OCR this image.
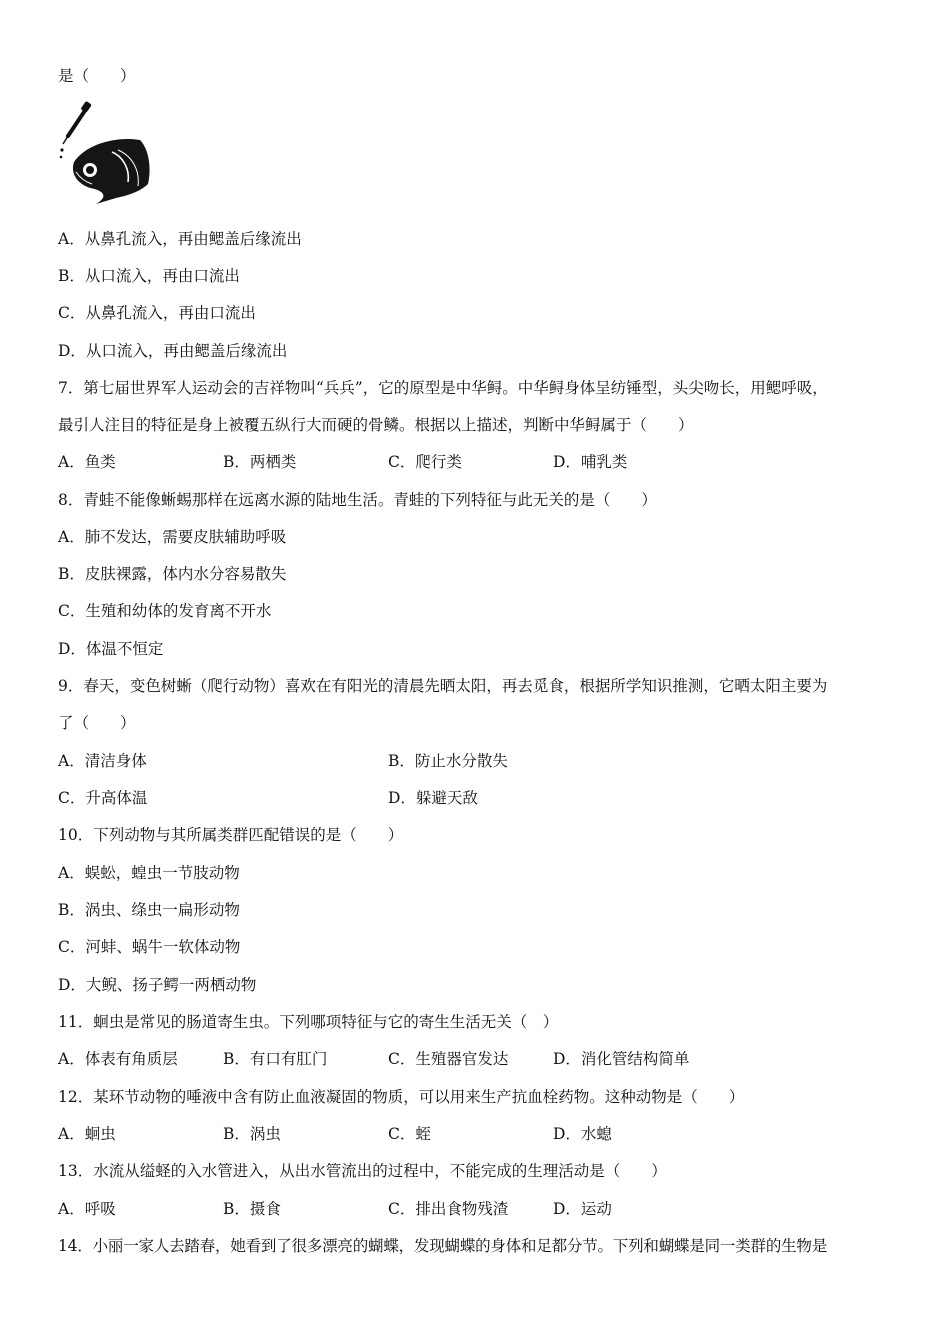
是（　　）
A．从鼻孔流入，再由鳃盖后缘流出
B．从口流入，再由口流出
C．从鼻孔流入，再由口流出
D．从口流入，再由鳃盖后缘流出
7．第七届世界军人运动会的吉祥物叫“兵兵”，它的原型是中华鲟。中华鲟身体呈纺锤型，头尖吻长，用鳃呼吸，
最引人注目的特征是身上被覆五纵行大而硬的骨鳞。根据以上描述，判断中华鲟属于（　　）
A．鱼类	B．两栖类	C．爬行类	D．哺乳类
8．青蛙不能像蜥蜴那样在远离水源的陆地生活。青蛙的下列特征与此无关的是（　　）
A．肺不发达，需要皮肤辅助呼吸
B．皮肤裸露，体内水分容易散失
C．生殖和幼体的发育离不开水
D．体温不恒定
9．春天，变色树蜥（爬行动物）喜欢在有阳光的清晨先晒太阳，再去觅食，根据所学知识推测，它晒太阳主要为
了（　　）
A．清洁身体	B．防止水分散失
C．升高体温	D．躲避天敌
10．下列动物与其所属类群匹配错误的是（　　）
A．蜈蚣，蝗虫一节肢动物
B．涡虫、绦虫一扁形动物
C．河蚌、蜗牛一软体动物
D．大鲵、扬子鳄一两栖动物
11．蛔虫是常见的肠道寄生虫。下列哪项特征与它的寄生生活无关（　）
A．体表有角质层	B．有口有肛门	C．生殖器官发达	D．消化管结构简单
12．某环节动物的唾液中含有防止血液凝固的物质，可以用来生产抗血栓药物。这种动物是（　　）
A．蛔虫	B．涡虫	C．蛭	D．水螅
13．水流从缢蛏的入水管进入，从出水管流出的过程中，不能完成的生理活动是（　　）
A．呼吸	B．摄食	C．排出食物残渣	D．运动
14．小丽一家人去踏春，她看到了很多漂亮的蝴蝶，发现蝴蝶的身体和足都分节。下列和蝴蝶是同一类群的生物是
